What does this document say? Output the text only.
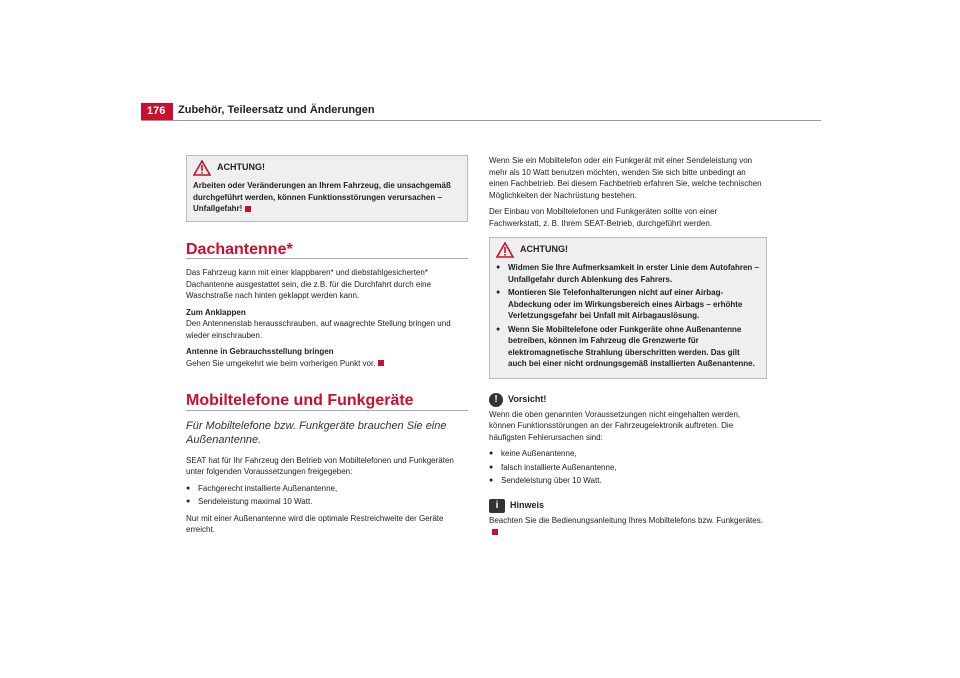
176	Zubehör, Teileersatz und Änderungen
ACHTUNG!
Arbeiten oder Veränderungen an Ihrem Fahrzeug, die unsachgemäß durchgeführt werden, können Funktionsstörungen verursachen – Unfallgefahr!
Dachantenne*

Das Fahrzeug kann mit einer klappbaren* und diebstahlgesicherten* Dachantenne ausgestattet sein, die z.B. für die Durchfahrt durch eine Waschstraße nach hinten geklappt werden kann.

Zum Anklappen

Den Antennenstab herausschrauben, auf waagrechte Stellung bringen und wieder einschrauben.

Antenne in Gebrauchsstellung bringen

Gehen Sie umgekehrt wie beim vorherigen Punkt vor.

Mobiltelefone und Funkgeräte
Für Mobiltelefone bzw. Funkgeräte brauchen Sie eine Außenantenne.

SEAT hat für Ihr Fahrzeug den Betrieb von Mobiltelefonen und Funkgeräten unter folgenden Voraussetzungen freigegeben:

● Fachgerecht installierte Außenantenne,
● Sendeleistung maximal 10 Watt.

Nur mit einer Außenantenne wird die optimale Restreichweite der Geräte erreicht.

Wenn Sie ein Mobiltelefon oder ein Funkgerät mit einer Sendeleistung von mehr als 10 Watt benutzen möchten, wenden Sie sich bitte unbedingt an einen Fachbetrieb. Bei diesem Fachbetrieb erfahren Sie, welche technischen Möglichkeiten der Nachrüstung bestehen.

Der Einbau von Mobiltelefonen und Funkgeräten sollte von einer Fachwerkstatt, z. B. Ihrem SEAT-Betrieb, durchgeführt werden.

ACHTUNG!
● Widmen Sie Ihre Aufmerksamkeit in erster Linie dem Autofahren – Unfallgefahr durch Ablenkung des Fahrers.
● Montieren Sie Telefonhalterungen nicht auf einer Airbag-Abdeckung oder im Wirkungsbereich eines Airbags – erhöhte Verletzungsgefahr bei Unfall mit Airbagauslösung.
● Wenn Sie Mobiltelefone oder Funkgeräte ohne Außenantenne betreiben, können im Fahrzeug die Grenzwerte für elektromagnetische Strahlung überschritten werden. Das gilt auch bei einer nicht ordnungsgemäß installierten Außenantenne.
!	Vorsicht!

Wenn die oben genannten Voraussetzungen nicht eingehalten werden, können Funktionsstörungen an der Fahrzeugelektronik auftreten. Die häufigsten Fehlerursachen sind:

● keine Außenantenne,
● falsch installierte Außenantenne,
● Sendeleistung über 10 Watt.
i	Hinweis

Beachten Sie die Bedienungsanleitung Ihres Mobiltelefons bzw. Funkgerätes.
